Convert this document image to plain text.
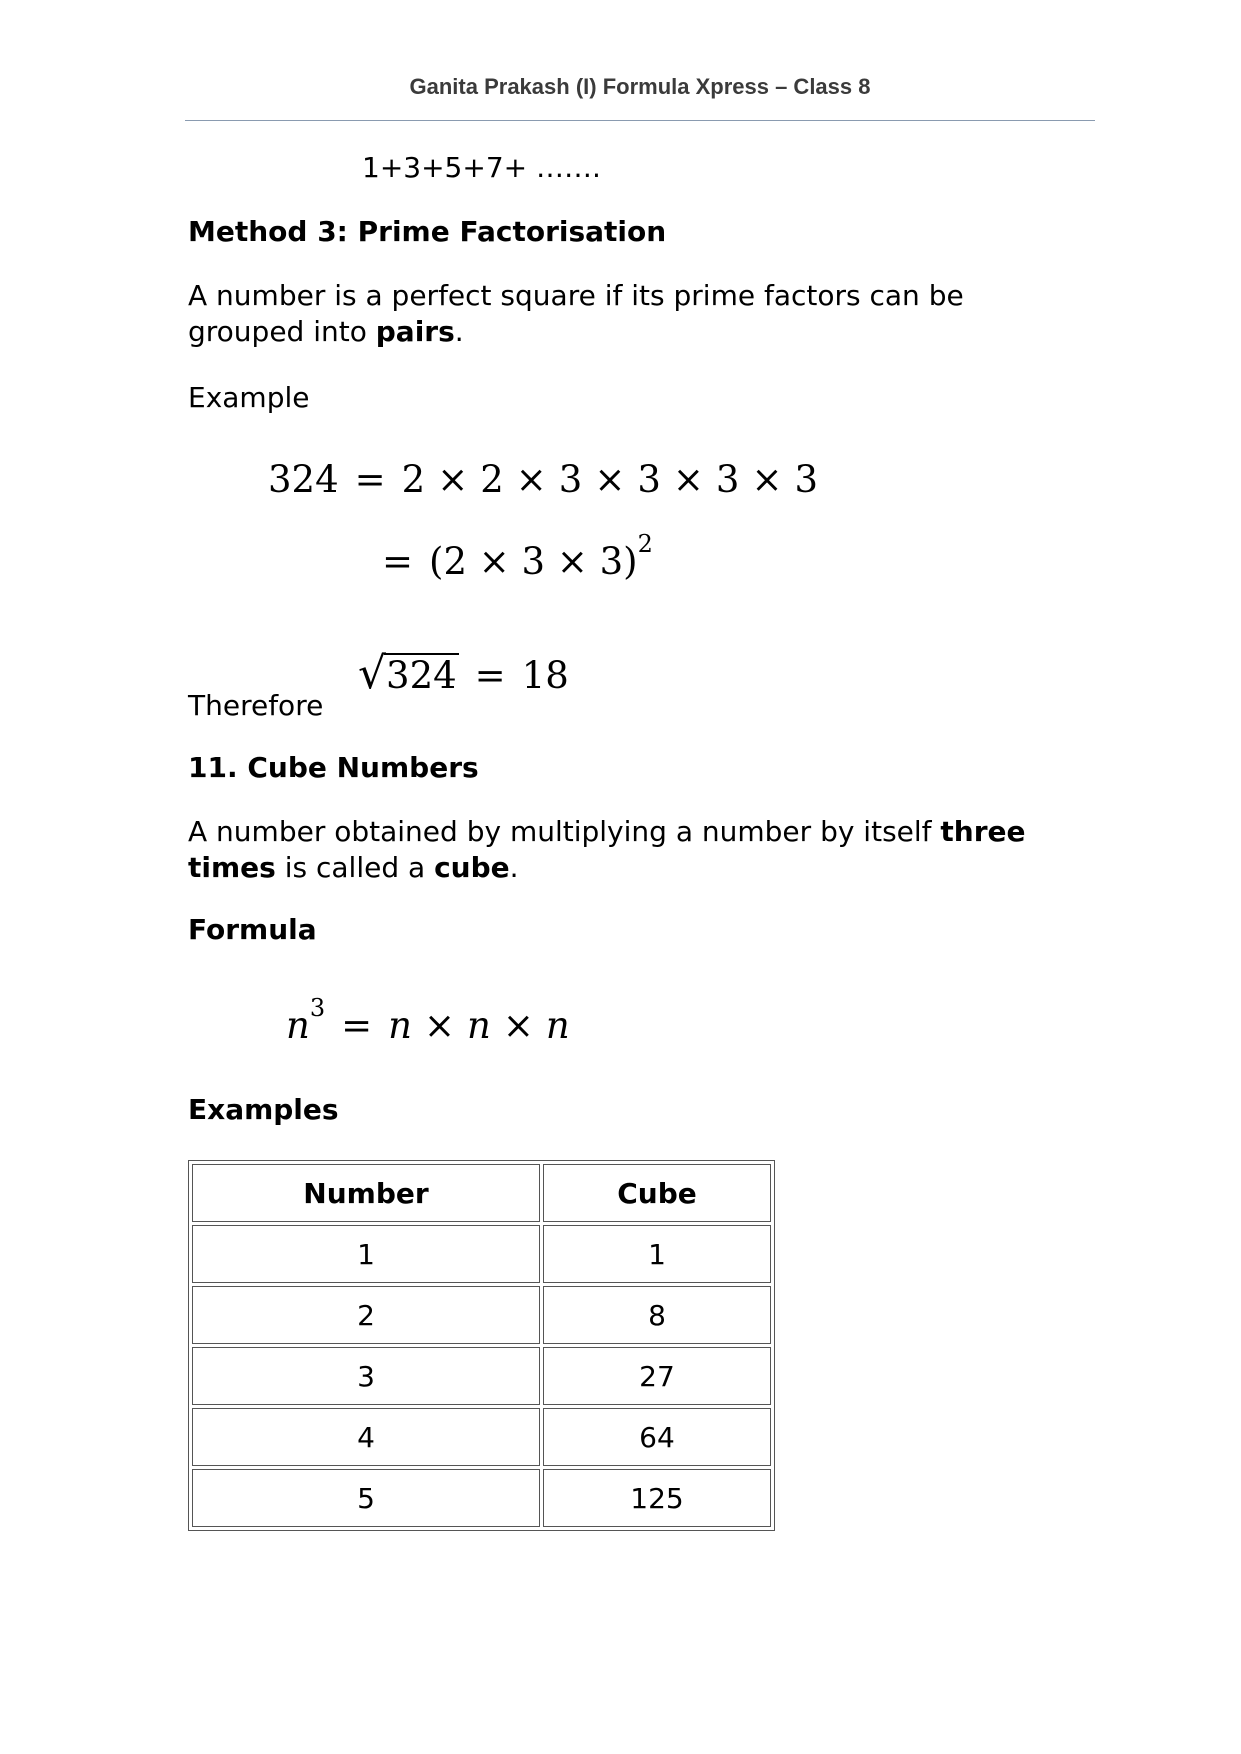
Ganita Prakash (I) Formula Xpress – Class 8
1+3+5+7+ …….
Method 3: Prime Factorisation
A number is a perfect square if its prime factors can be grouped into pairs.
Example
324 = 2 × 2 × 3 × 3 × 3 × 3
= $(2 \times 3 \times 3)^2$
Therefore
√ 324 = 18
11. Cube Numbers
A number obtained by multiplying a number by itself three times is called a cube.
Formula
$n^3 = n \times n \times n$
Examples
Number	Cube
1	1
2	8
3	27
4	64
5	125
